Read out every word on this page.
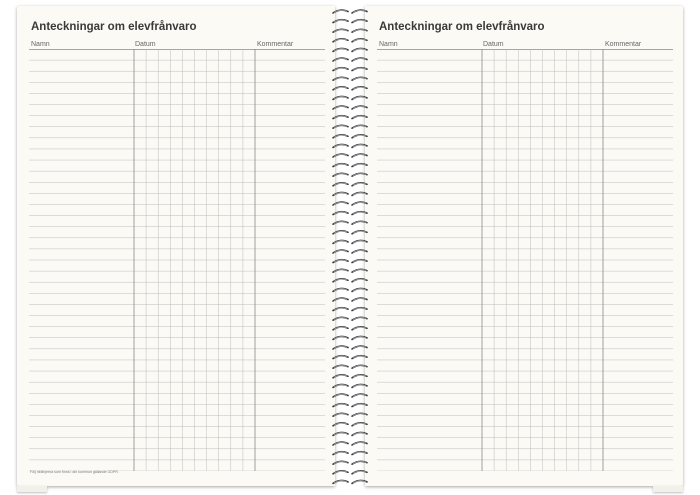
Anteckningar om elevfrånvaro
Namn	Datum	Kommentar
Följ riktlinjerna som finns i din kommun gällande GDPR.
Anteckningar om elevfrånvaro
Namn	Datum	Kommentar
